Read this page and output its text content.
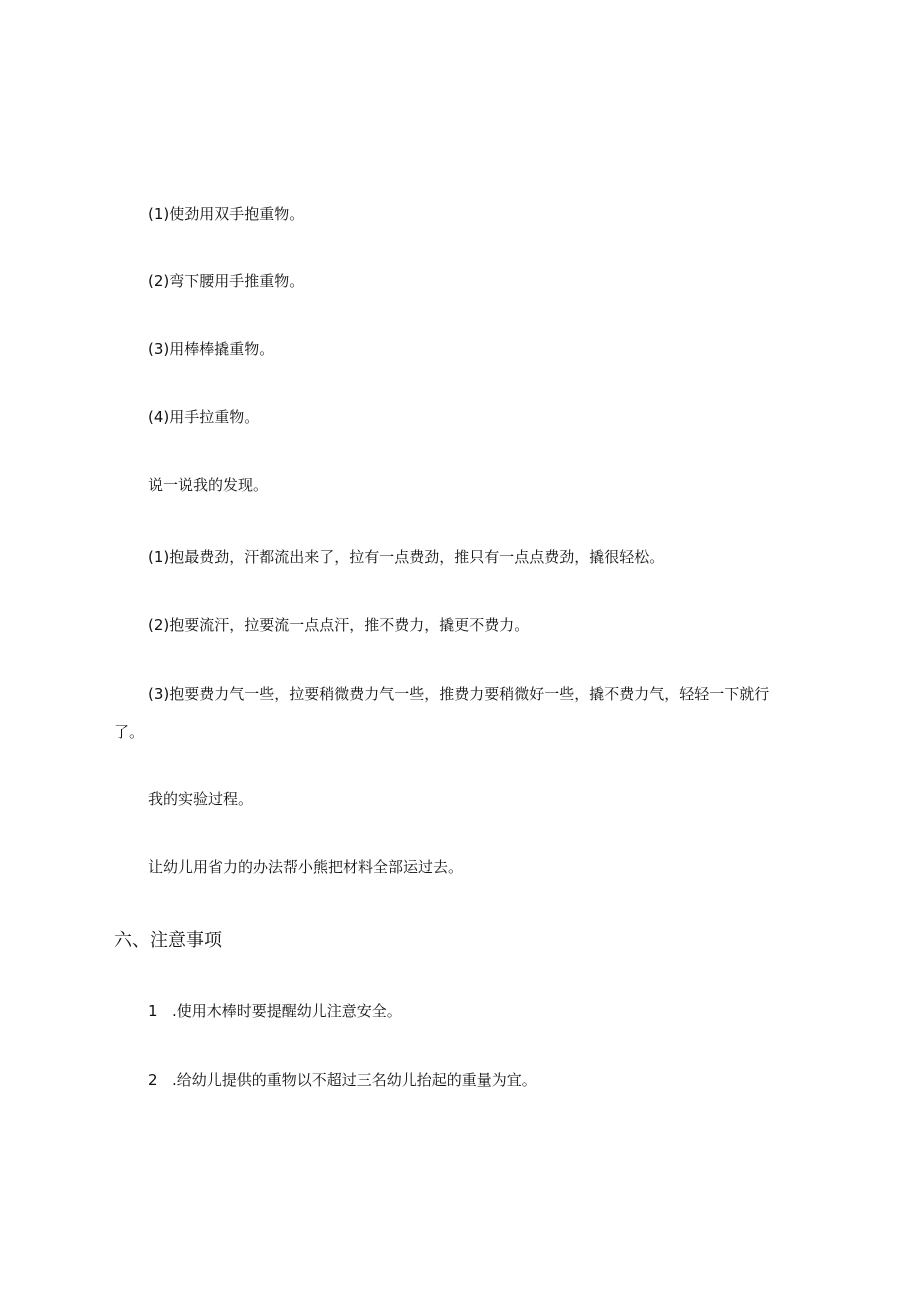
(1)使劲用双手抱重物。
(2)弯下腰用手推重物。
(3)用棒棒撬重物。
(4)用手拉重物。
说一说我的发现。
(1)抱最费劲，汗都流出来了，拉有一点费劲，推只有一点点费劲，撬很轻松。
(2)抱要流汗，拉要流一点点汗，推不费力，撬更不费力。
(3)抱要费力气一些，拉要稍微费力气一些，推费力要稍微好一些，撬不费力气，轻轻一下就行了。
我的实验过程。
让幼儿用省力的办法帮小熊把材料全部运过去。
六、注意事项
1 .使用木棒时要提醒幼儿注意安全。
2 .给幼儿提供的重物以不超过三名幼儿抬起的重量为宜。
